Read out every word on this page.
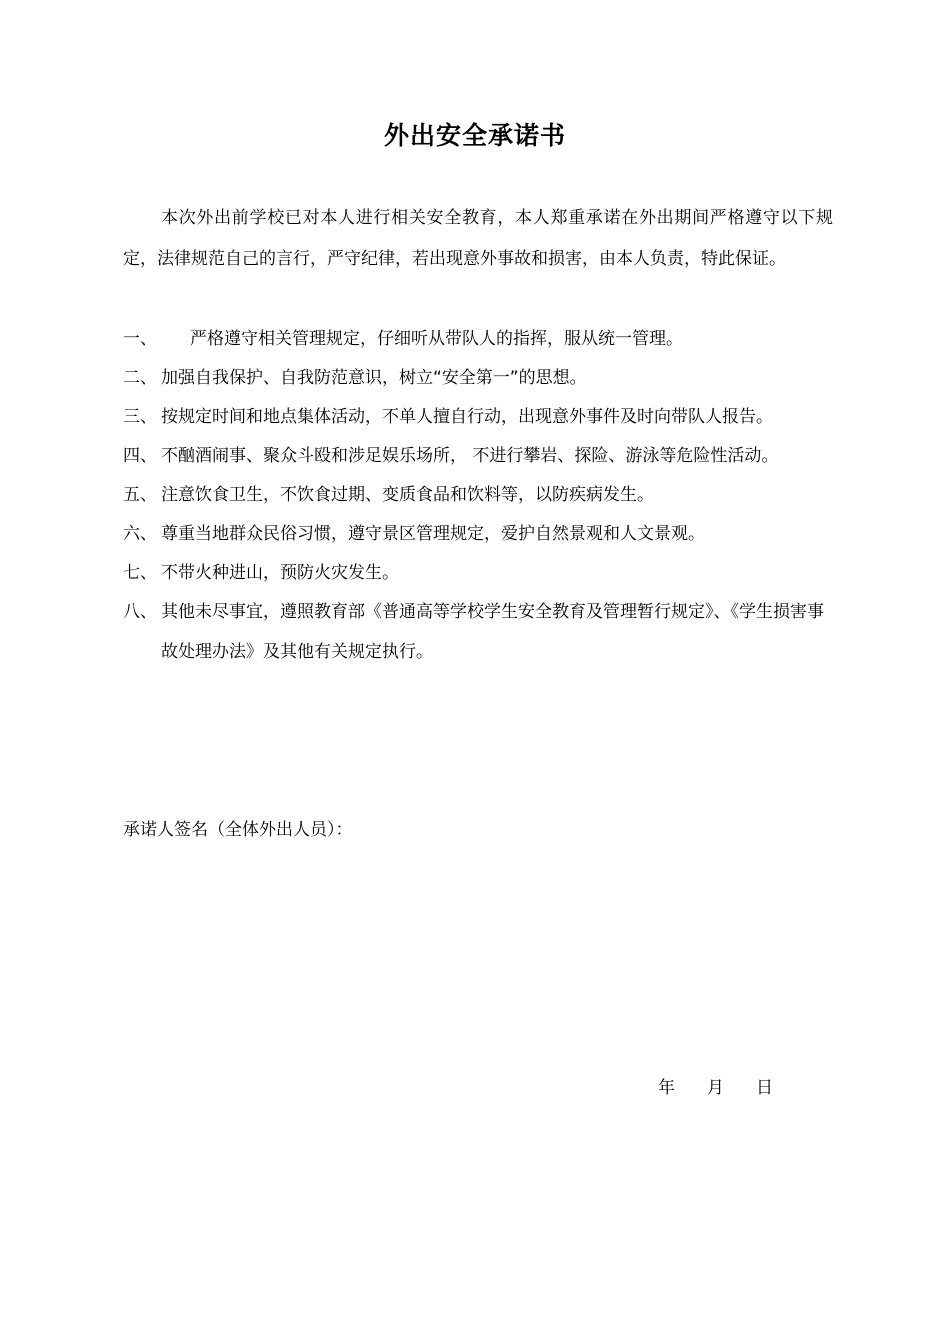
外出安全承诺书

本次外出前学校已对本人进行相关安全教育，本人郑重承诺在外出期间严格遵守以下规定，法律规范自己的言行，严守纪律，若出现意外事故和损害，由本人负责，特此保证。

一、	严格遵守相关管理规定，仔细听从带队人的指挥，服从统一管理。
二、 加强自我保护、自我防范意识，树立“安全第一”的思想。
三、 按规定时间和地点集体活动，不单人擅自行动，出现意外事件及时向带队人报告。
四、 不酗酒闹事、聚众斗殴和涉足娱乐场所， 不进行攀岩、探险、游泳等危险性活动。
五、 注意饮食卫生，不饮食过期、变质食品和饮料等，以防疾病发生。
六、 尊重当地群众民俗习惯，遵守景区管理规定，爱护自然景观和人文景观。
七、 不带火种进山，预防火灾发生。
八、 其他未尽事宜，遵照教育部《普通高等学校学生安全教育及管理暂行规定》、《学生损害事故处理办法》及其他有关规定执行。
承诺人签名（全体外出人员）：
年	月	日
